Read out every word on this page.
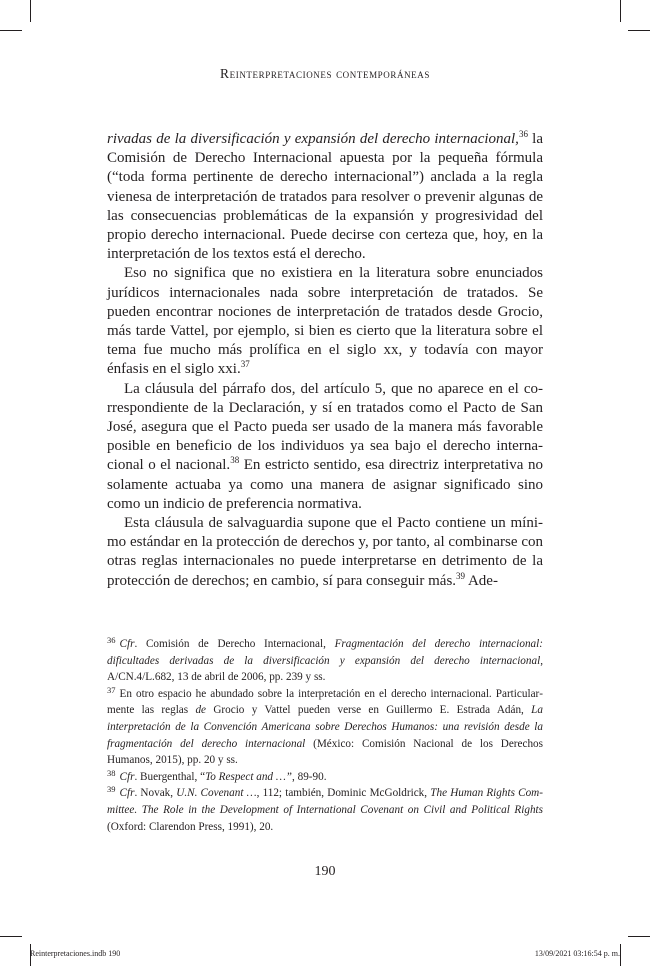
Reinterpretaciones contemporáneas

rivadas de la diversificación y expansión del derecho internacional,$^{36}$ la Comisión de Derecho Internacional apuesta por la pequeña fórmula (“toda forma pertinente de derecho internacional”) anclada a la regla vienesa de interpretación de tratados para resolver o prevenir algunas de las consecuencias problemáticas de la expansión y progresividad del propio derecho internacional. Puede decirse con certeza que, hoy, en la interpretación de los textos está el derecho.

Eso no significa que no existiera en la literatura sobre enunciados jurídicos internacionales nada sobre interpretación de tratados. Se pueden encontrar nociones de interpretación de tratados desde Grocio, más tarde Vattel, por ejemplo, si bien es cierto que la literatura sobre el tema fue mucho más prolífica en el siglo xx, y todavía con mayor énfasis en el siglo xxi.$^{37}$

La cláusula del párrafo dos, del artículo 5, que no aparece en el correspondiente de la Declaración, y sí en tratados como el Pacto de San José, asegura que el Pacto pueda ser usado de la manera más favorable posible en beneficio de los individuos ya sea bajo el derecho internacional o el nacional.$^{38}$ En estricto sentido, esa directriz interpretativa no solamente actuaba ya como una manera de asignar significado sino como un indicio de preferencia normativa.

Esta cláusula de salvaguardia supone que el Pacto contiene un mínimo estándar en la protección de derechos y, por tanto, al combinarse con otras reglas internacionales no puede interpretarse en detrimento de la protección de derechos; en cambio, sí para conseguir más.$^{39}$ Ade-

$^{36}$ Cfr. Comisión de Derecho Internacional, Fragmentación del derecho internacional: dificultades derivadas de la diversificación y expansión del derecho internacional, A/CN.4/L.682, 13 de abril de 2006, pp. 239 y ss.

$^{37}$ En otro espacio he abundado sobre la interpretación en el derecho internacional. Particularmente las reglas de Grocio y Vattel pueden verse en Guillermo E. Estrada Adán, La interpretación de la Convención Americana sobre Derechos Humanos: una revisión desde la fragmentación del derecho internacional (México: Comisión Nacional de los Derechos Humanos, 2015), pp. 20 y ss.

$^{38}$ Cfr. Buergenthal, “To Respect and …”, 89-90.

$^{39}$ Cfr. Novak, U.N. Covenant …, 112; también, Dominic McGoldrick, The Human Rights Committee. The Role in the Development of International Covenant on Civil and Political Rights (Oxford: Clarendon Press, 1991), 20.

190
Reinterpretaciones.indb 190	13/09/2021 03:16:54 p. m.
